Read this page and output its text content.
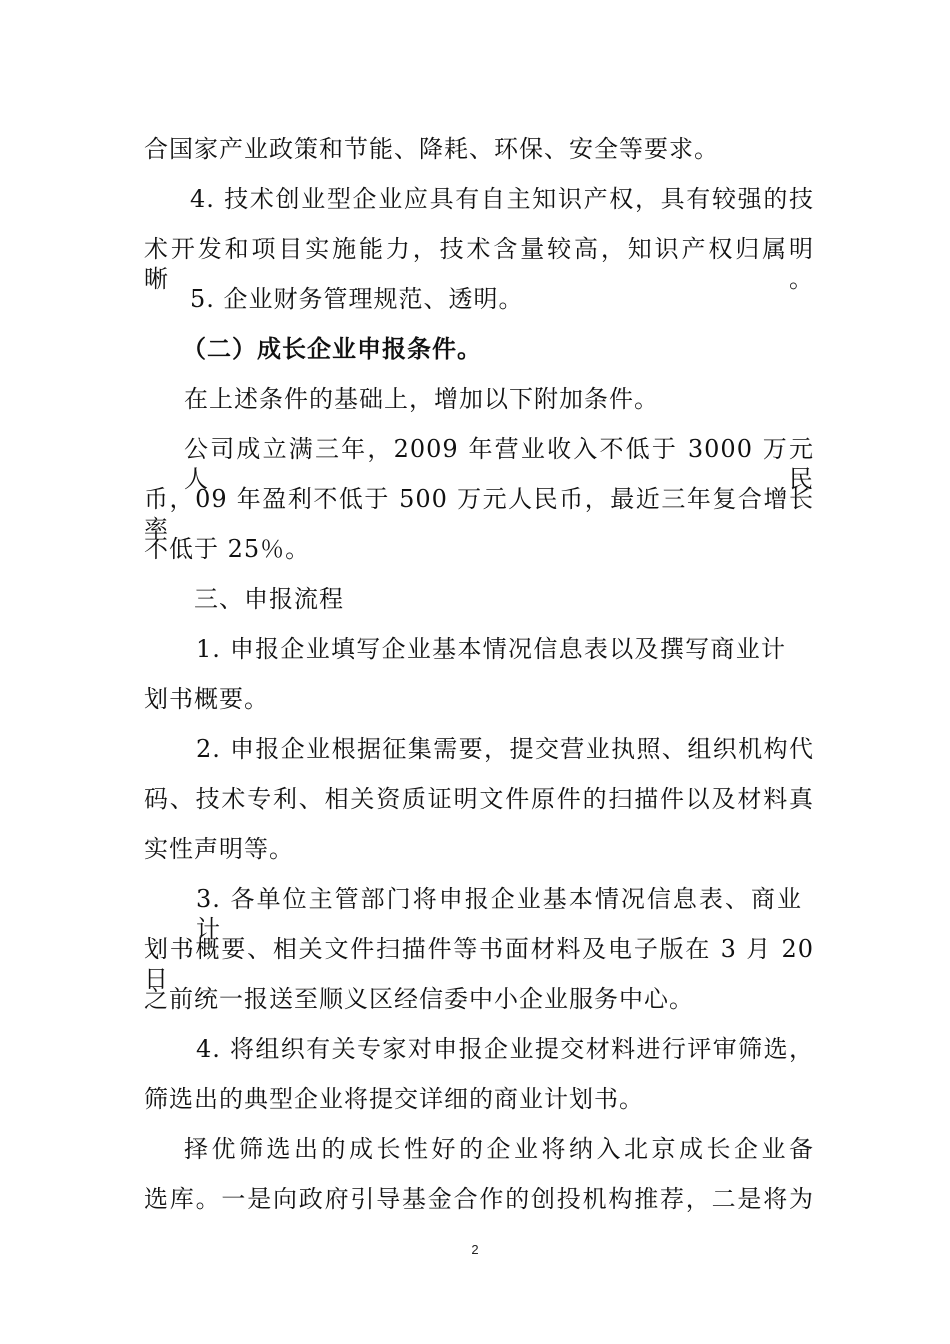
合国家产业政策和节能、降耗、环保、安全等要求。
4. 技术创业型企业应具有自主知识产权，具有较强的技
术开发和项目实施能力，技术含量较高，知识产权归属明晰。
5. 企业财务管理规范、透明。
（二）成长企业申报条件。
在上述条件的基础上，增加以下附加条件。
公司成立满三年，2009 年营业收入不低于 3000 万元人民
币，09 年盈利不低于 500 万元人民币，最近三年复合增长率
不低于 25％。
三、申报流程
1. 申报企业填写企业基本情况信息表以及撰写商业计
划书概要。
2. 申报企业根据征集需要，提交营业执照、组织机构代
码、技术专利、相关资质证明文件原件的扫描件以及材料真
实性声明等。
3. 各单位主管部门将申报企业基本情况信息表、商业计
划书概要、相关文件扫描件等书面材料及电子版在 3 月 20 日
之前统一报送至顺义区经信委中小企业服务中心。
4. 将组织有关专家对申报企业提交材料进行评审筛选，
筛选出的典型企业将提交详细的商业计划书。
择优筛选出的成长性好的企业将纳入北京成长企业备
选库。一是向政府引导基金合作的创投机构推荐，二是将为
2
